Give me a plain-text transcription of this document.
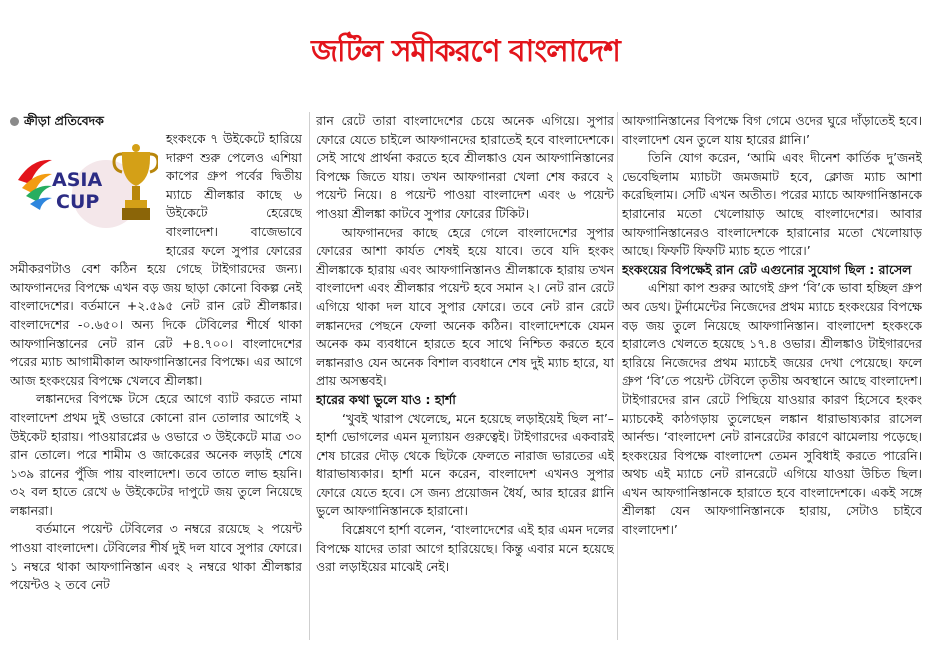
জটিল সমীকরণে বাংলাদেশ
ক্রীড়া প্রতিবেদক
ASIA
CUP

হংকংকে ৭ উইকেটে হারিয়ে দারুণ শুরু পেলেও এশিয়া কাপের গ্রুপ পর্বের দ্বিতীয় ম্যাচে শ্রীলঙ্কার কাছে ৬ উইকেটে হেরেছে বাংলাদেশ। বাজেভাবে হারের ফলে সুপার ফোরের সমীকরণটাও বেশ কঠিন হয়ে গেছে টাইগারদের জন্য। আফগানদের বিপক্ষে এখন বড় জয় ছাড়া কোনো বিকল্প নেই বাংলাদেশের। বর্তমানে +২.৫৯৫ নেট রান রেট শ্রীলঙ্কার। বাংলাদেশের -০.৬৫০। অন্য দিকে টেবিলের শীর্ষে থাকা আফগানিস্তানের নেট রান রেট +৪.৭০০। বাংলাদেশের পরের ম্যাচ আগামীকাল আফগানিস্তানের বিপক্ষে। এর আগে আজ হংকংয়ের বিপক্ষে খেলবে শ্রীলঙ্কা।

লঙ্কানদের বিপক্ষে টসে হেরে আগে ব্যাট করতে নামা বাংলাদেশ প্রথম দুই ওভারে কোনো রান তোলার আগেই ২ উইকেট হারায়। পাওয়ারপ্লের ৬ ওভারে ৩ উইকেটে মাত্র ৩০ রান তোলে। পরে শামীম ও জাকেরের অনেক লড়াই শেষে ১৩৯ রানের পুঁজি পায় বাংলাদেশ। তবে তাতে লাভ হয়নি। ৩২ বল হাতে রেখে ৬ উইকেটের দাপুটে জয় তুলে নিয়েছে লঙ্কানরা।

বর্তমানে পয়েন্ট টেবিলের ৩ নম্বরে রয়েছে ২ পয়েন্ট পাওয়া বাংলাদেশ। টেবিলের শীর্ষ দুই দল যাবে সুপার ফোরে। ১ নম্বরে থাকা আফগানিস্তান এবং ২ নম্বরে থাকা শ্রীলঙ্কার পয়েন্টও ২ তবে নেট

রান রেটে তারা বাংলাদেশের চেয়ে অনেক এগিয়ে। সুপার ফোরে যেতে চাইলে আফগানদের হারাতেই হবে বাংলাদেশকে। সেই সাথে প্রার্থনা করতে হবে শ্রীলঙ্কাও যেন আফগানিস্তানের বিপক্ষে জিতে যায়। তখন আফগানরা খেলা শেষ করবে ২ পয়েন্ট নিয়ে। ৪ পয়েন্ট পাওয়া বাংলাদেশ এবং ৬ পয়েন্ট পাওয়া শ্রীলঙ্কা কাটবে সুপার ফোরের টিকিট।

আফগানদের কাছে হেরে গেলে বাংলাদেশের সুপার ফোরের আশা কার্যত শেষই হয়ে যাবে। তবে যদি হংকং শ্রীলঙ্কাকে হারায় এবং আফগানিস্তানও শ্রীলঙ্কাকে হারায় তখন বাংলাদেশ এবং শ্রীলঙ্কার পয়েন্ট হবে সমান ২। নেট রান রেটে এগিয়ে থাকা দল যাবে সুপার ফোরে। তবে নেট রান রেটে লঙ্কানদের পেছনে ফেলা অনেক কঠিন। বাংলাদেশকে যেমন অনেক কম ব্যবধানে হারতে হবে সাথে নিশ্চিত করতে হবে লঙ্কানরাও যেন অনেক বিশাল ব্যবধানে শেষ দুই ম্যাচ হারে, যা প্রায় অসম্ভবই।

হারের কথা ভুলে যাও : হার্শা

‘খুবই খারাপ খেলেছে, মনে হয়েছে লড়াইয়েই ছিল না’– হার্শা ভোগলের এমন মূল্যায়ন গুরুত্বেই। টাইগারদের একবারই শেষ চারের দৌড় থেকে ছিটকে ফেলতে নারাজ ভারতের এই ধারাভাষ্যকার। হার্শা মনে করেন, বাংলাদেশ এখনও সুপার ফোরে যেতে হবে। সে জন্য প্রয়োজন ধৈর্য, আর হারের গ্লানি ভুলে আফগানিস্তানকে হারানো।

বিশ্লেষণে হার্শা বলেন, ‘বাংলাদেশের এই হার এমন দলের বিপক্ষে যাদের তারা আগে হারিয়েছে। কিন্তু এবার মনে হয়েছে ওরা লড়াইয়ের মাঝেই নেই।

আফগানিস্তানের বিপক্ষে বিগ গেমে ওদের ঘুরে দাঁড়াতেই হবে। বাংলাদেশ যেন তুলে যায় হারের গ্লানি।’

তিনি যোগ করেন, ‘আমি এবং দীনেশ কার্তিক দু’জনই ভেবেছিলাম ম্যাচটা জমজমাট হবে, ক্লোজ ম্যাচ আশা করেছিলাম। সেটি এখন অতীত। পরের ম্যাচে আফগানিস্তানকে হারানোর মতো খেলোয়াড় আছে বাংলাদেশের। আবার আফগানিস্তানেরও বাংলাদেশকে হারানোর মতো খেলোয়াড় আছে। ফিফটি ফিফটি ম্যাচ হতে পারে।’

হংকংয়ের বিপক্ষেই রান রেট এগুনোর সুযোগ ছিল : রাসেল

এশিয়া কাপ শুরুর আগেই গ্রুপ ‘বি’কে ভাবা হচ্ছিল গ্রুপ অব ডেথ। টুর্নামেন্টের নিজেদের প্রথম ম্যাচে হংকংয়ের বিপক্ষে বড় জয় তুলে নিয়েছে আফগানিস্তান। বাংলাদেশ হংকংকে হারালেও খেলতে হয়েছে ১৭.৪ ওভার। শ্রীলঙ্কাও টাইগারদের হারিয়ে নিজেদের প্রথম ম্যাচেই জয়ের দেখা পেয়েছে। ফলে গ্রুপ ‘বি’তে পয়েন্ট টেবিলে তৃতীয় অবস্থানে আছে বাংলাদেশ। টাইগারদের রান রেটে পিছিয়ে যাওয়ার কারণ হিসেবে হংকং ম্যাচকেই কাঠগড়ায় তুলেছেন লঙ্কান ধারাভাষ্যকার রাসেল আর্নল্ড। ‘বাংলাদেশ নেট রানরেটের কারণে ঝামেলায় পড়েছে। হংকংয়ের বিপক্ষে বাংলাদেশ তেমন সুবিধাই করতে পারেনি। অথচ এই ম্যাচে নেট রানরেটে এগিয়ে যাওয়া উচিত ছিল। এখন আফগানিস্তানকে হারাতে হবে বাংলাদেশকে। একই সঙ্গে শ্রীলঙ্কা যেন আফগানিস্তানকে হারায়, সেটাও চাইবে বাংলাদেশ।’
